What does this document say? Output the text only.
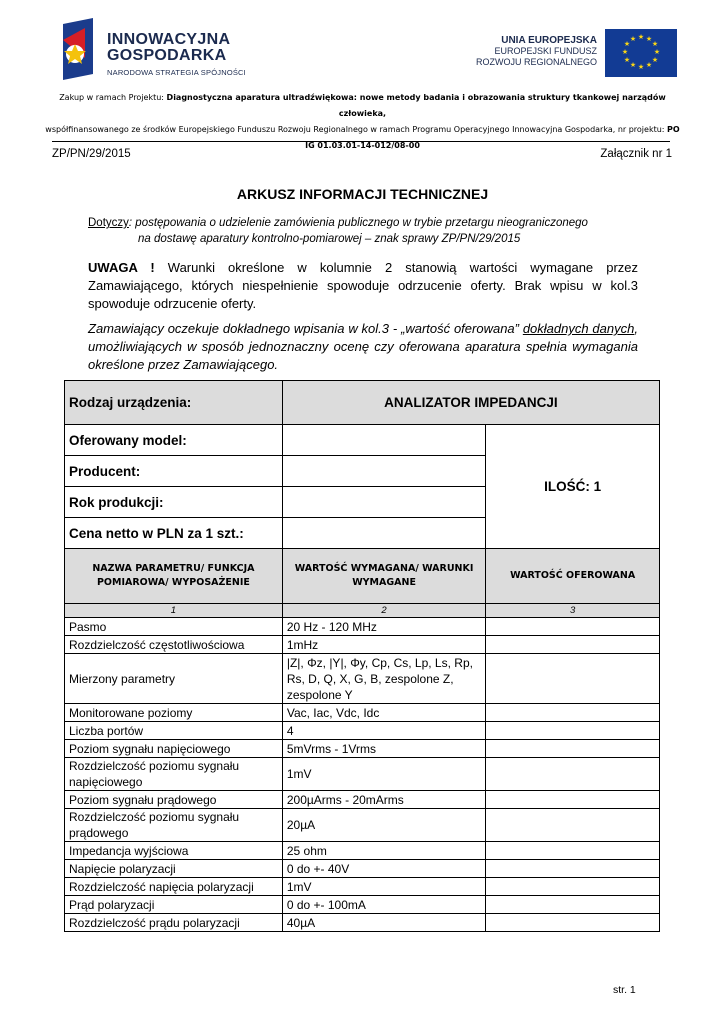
INNOWACYJNA
GOSPODARKA
NARODOWA STRATEGIA SPÓJNOŚCI
UNIA EUROPEJSKA
EUROPEJSKI FUNDUSZ
ROZWOJU REGIONALNEGO
★ ★
★
★
★
★
★
★
★
★
★
★
Zakup w ramach Projektu: Diagnostyczna aparatura ultradźwiękowa: nowe metody badania i obrazowania struktury tkankowej narządów człowieka,
współfinansowanego ze środków Europejskiego Funduszu Rozwoju Regionalnego w ramach Programu Operacyjnego Innowacyjna Gospodarka, nr projektu: PO
IG 01.03.01-14-012/08-00
ZP/PN/29/2015	Załącznik nr 1
ARKUSZ INFORMACJI TECHNICZNEJ
Dotyczy: postępowania o udzielenie zamówienia publicznego w trybie przetargu nieograniczonego
na dostawę aparatury kontrolno-pomiarowej – znak sprawy ZP/PN/29/2015
UWAGA ! Warunki określone w kolumnie 2 stanowią wartości wymagane przez Zamawiającego, których niespełnienie spowoduje odrzucenie oferty. Brak wpisu w kol.3 spowoduje odrzucenie oferty.
Zamawiający oczekuje dokładnego wpisania w kol.3 - „wartość oferowana” dokładnych danych, umożliwiających w sposób jednoznaczny ocenę czy oferowana aparatura spełnia wymagania określone przez Zamawiającego.
Rodzaj urządzenia:	ANALIZATOR IMPEDANCJI	
Oferowany model:		ILOŚĆ: 1
Producent:		
Rok produkcji:		
Cena netto w PLN za 1 szt.:		
NAZWA PARAMETRU/ FUNKCJA POMIAROWA/ WYPOSAŻENIE	WARTOŚĆ WYMAGANA/ WARUNKI WYMAGANE	WARTOŚĆ OFEROWANA
1	2	3
Pasmo	20 Hz - 120 MHz	
Rozdzielczość częstotliwościowa	1mHz	
Mierzony parametry	|Z|, Φz, |Y|, Φy, Cp, Cs, Lp, Ls, Rp, Rs, D, Q, X, G, B, zespolone Z, zespolone Y	
Monitorowane poziomy	Vac, Iac, Vdc, Idc	
Liczba portów	4	
Poziom sygnału napięciowego	5mVrms - 1Vrms	
Rozdzielczość poziomu sygnału napięciowego	1mV	
Poziom sygnału prądowego	200µArms - 20mArms	
Rozdzielczość poziomu sygnału prądowego	20µA	
Impedancja wyjściowa	25 ohm	
Napięcie polaryzacji	0 do +- 40V	
Rozdzielczość napięcia polaryzacji	1mV	
Prąd polaryzacji	0 do +- 100mA	
Rozdzielczość prądu polaryzacji	40µA	
str. 1
